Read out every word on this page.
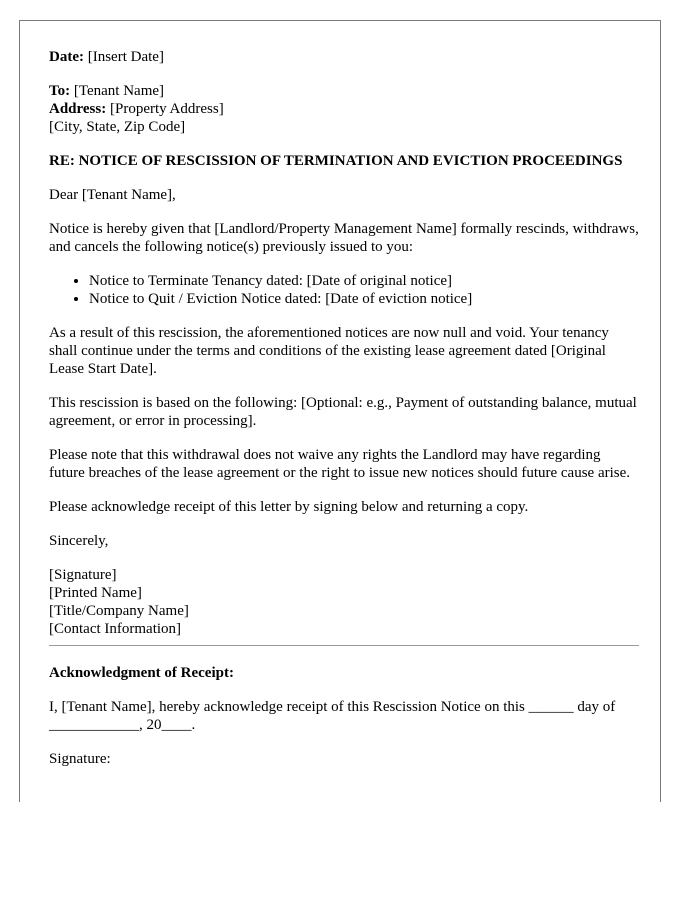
Date: [Insert Date]

To: [Tenant Name]
Address: [Property Address]
[City, State, Zip Code]

RE: NOTICE OF RESCISSION OF TERMINATION AND EVICTION PROCEEDINGS

Dear [Tenant Name],

Notice is hereby given that [Landlord/Property Management Name] formally rescinds, withdraws, and cancels the following notice(s) previously issued to you:

• Notice to Terminate Tenancy dated: [Date of original notice]
• Notice to Quit / Eviction Notice dated: [Date of eviction notice]

As a result of this rescission, the aforementioned notices are now null and void. Your tenancy shall continue under the terms and conditions of the existing lease agreement dated [Original Lease Start Date].

This rescission is based on the following: [Optional: e.g., Payment of outstanding balance, mutual agreement, or error in processing].

Please note that this withdrawal does not waive any rights the Landlord may have regarding future breaches of the lease agreement or the right to issue new notices should future cause arise.

Please acknowledge receipt of this letter by signing below and returning a copy.

Sincerely,

[Signature]
[Printed Name]
[Title/Company Name]
[Contact Information]

Acknowledgment of Receipt:

I, [Tenant Name], hereby acknowledge receipt of this Rescission Notice on this ______ day of ____________, 20____.

Signature:
